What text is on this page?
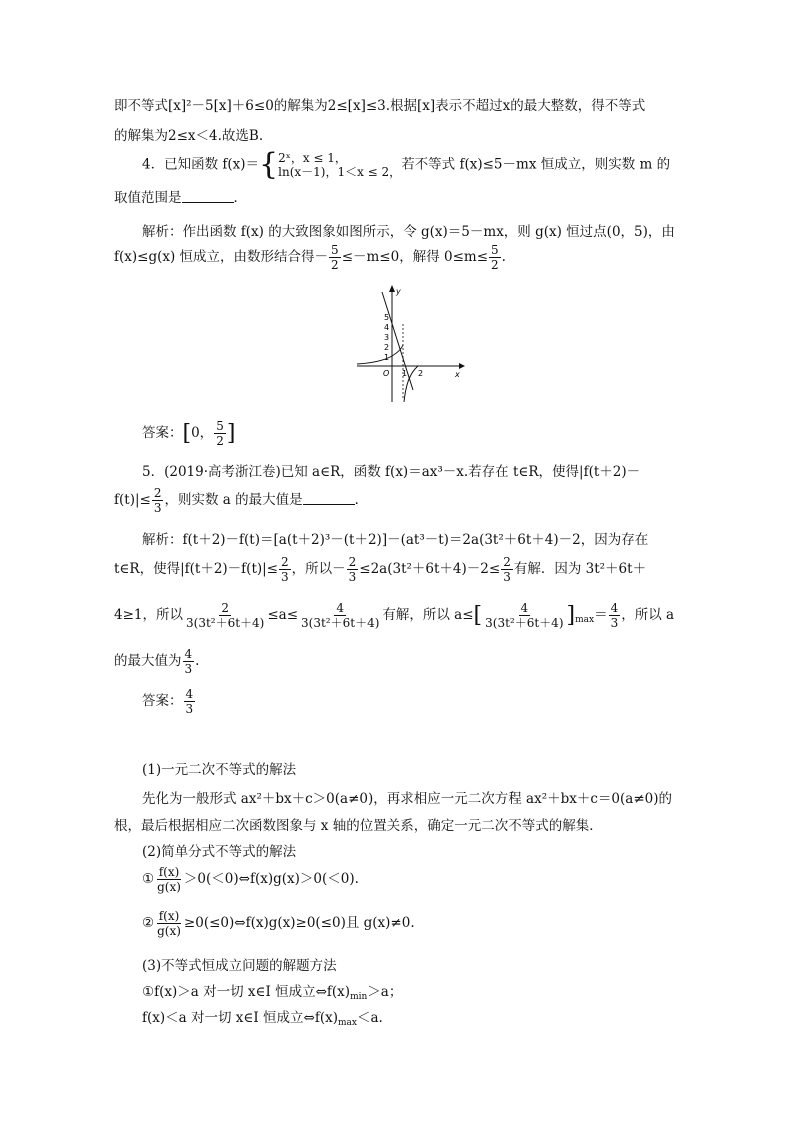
即不等式[x]²－5[x]＋6≤0的解集为2≤[x]≤3.根据[x]表示不超过x的最大整数，得不等式
的解集为2≤x＜4.故选B.
4．已知函数 f(x)＝{ 2ˣ，x ≤ 1，
ln(x－1)，1＜x ≤ 2， 若不等式 f(x)≤5－mx 恒成立，则实数 m 的
取值范围是	．
解析：作出函数 f(x) 的大致图象如图所示，令 g(x)＝5－mx，则 g(x) 恒过点(0，5)，由
f(x)≤g(x) 恒成立，由数形结合得－ $\frac{5}{2} \le-m\le 0$，解得 $0\le m\le \frac{5}{2}$ .
y
x
O
5
4
3
2
1
1 2
答案：[0， $\frac{5}{2}$ ]
5．(2019·高考浙江卷)已知 a∈R，函数 f(x)＝ax³－x.若存在 t∈R，使得|f(t＋2)－
$f(t)|\le \frac{2}{3}$ ，则实数 a 的最大值是	．
解析：f(t＋2)－f(t)＝[a(t＋2)³－(t＋2)]－(at³－t)＝2a(3t²＋6t＋4)－2，因为存在
t∈R，使得$|f(t+2)-f(t)|\le \frac{2}{3}$ ，所以－ $\frac{2}{3} \le 2a(3t^2+6t+4)-2\le \frac{2}{3}$ 有解．因为 3t²＋6t＋
4≥1，所以 $\frac{2}{\text{3(3t²＋6t＋4)}} \le a\le \frac{4}{\text{3(3t²＋6t＋4)}}$ 有解，所以 $a\le[ \frac{4}{\text{3(3t²＋6t＋4)}} ]_{max}= \frac{4}{3}$ ，所以 a
的最大值为 $\frac{4}{3}$ .
答案： $\frac{4}{3}$
(1)一元二次不等式的解法
先化为一般形式 ax²＋bx＋c＞0(a≠0)，再求相应一元二次方程 ax²＋bx＋c＝0(a≠0)的
根，最后根据相应二次函数图象与 x 轴的位置关系，确定一元二次不等式的解集．
(2)简单分式不等式的解法
① $\frac{f(x)}{g(x)}$ ＞0(＜0)⇔f(x)g(x)＞0(＜0).
② $\frac{f(x)}{g(x)}$ ≥0(≤0)⇔f(x)g(x)≥0(≤0)且 g(x)≠0.
(3)不等式恒成立问题的解题方法
①f(x)＞a 对一切 x∈I 恒成立$\Leftrightarrow f(x)_{min}>a$；
f(x)＜a 对一切 x∈I 恒成立$\Leftrightarrow f(x)_{max}<a$.
